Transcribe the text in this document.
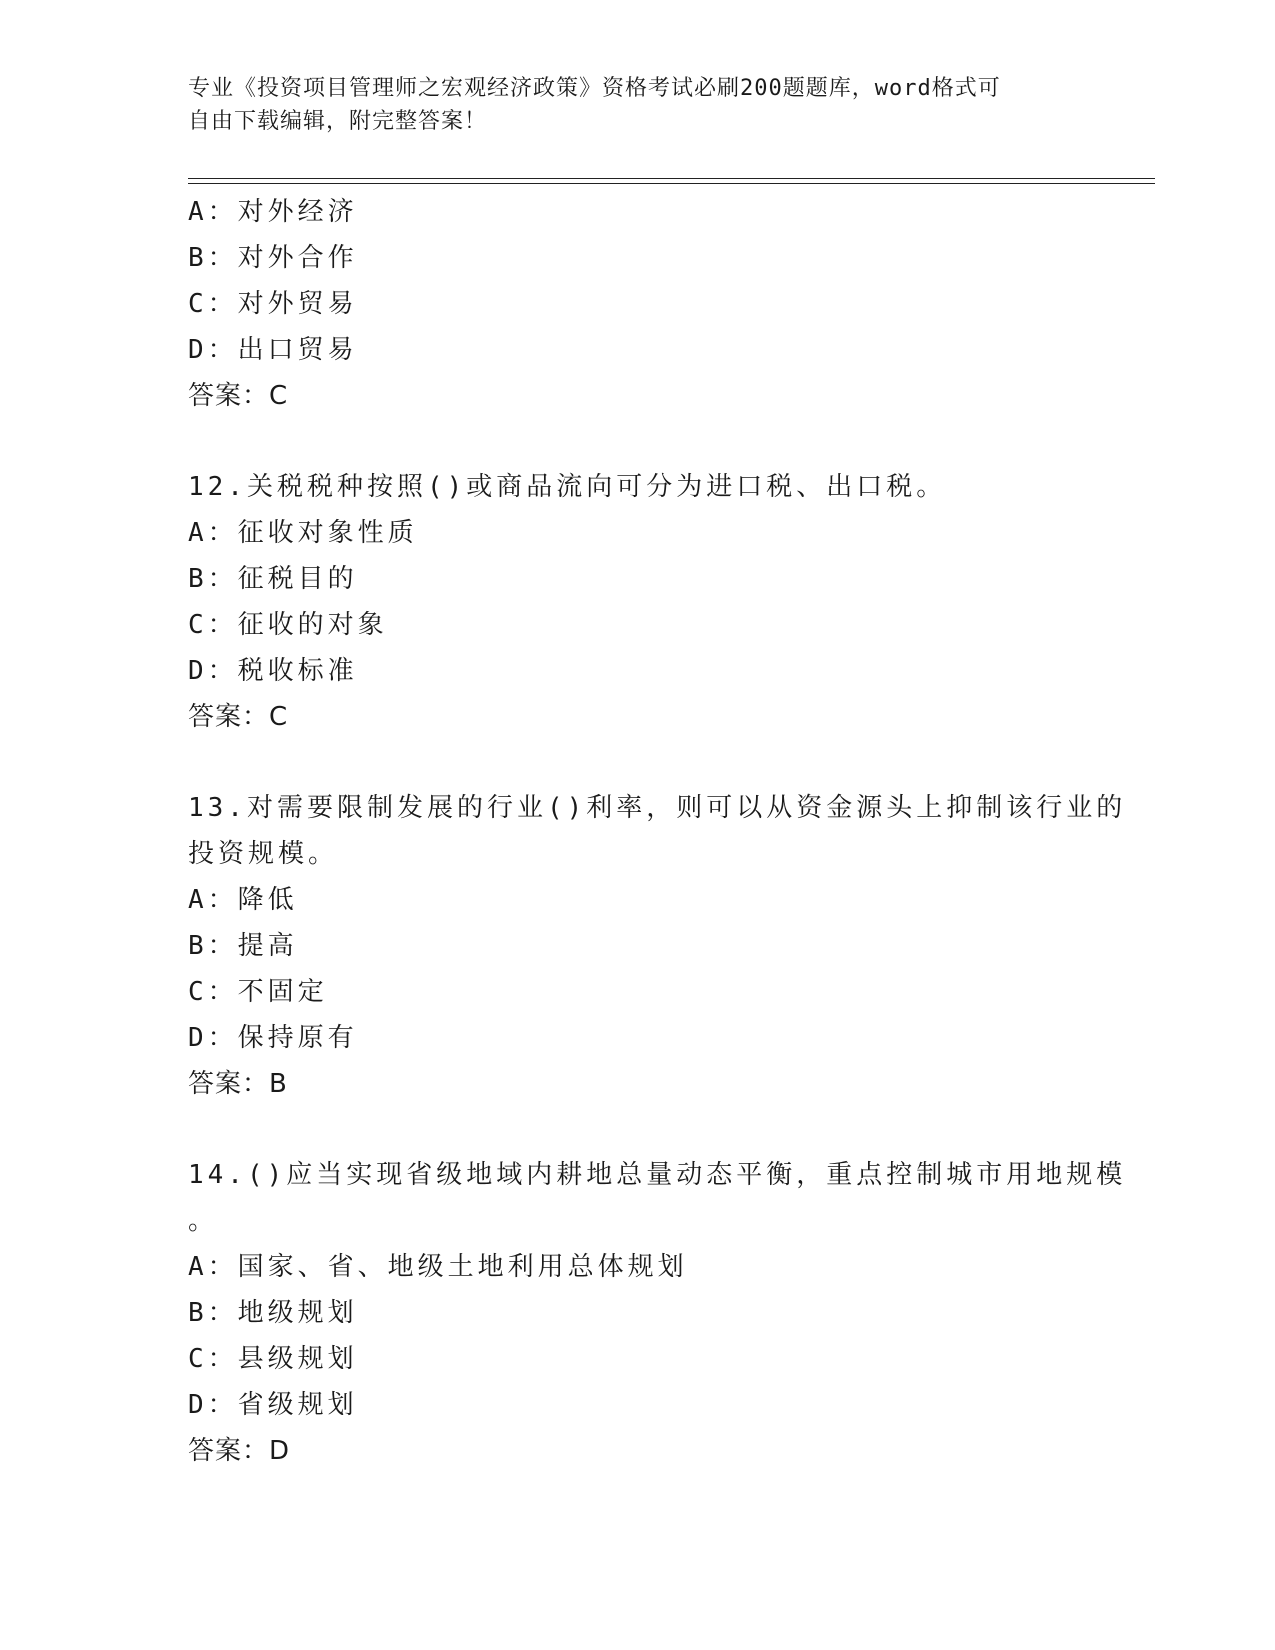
专业《投资项目管理师之宏观经济政策》资格考试必刷200题题库，word格式可
自由下载编辑，附完整答案！
A：对外经济
B：对外合作
C：对外贸易
D：出口贸易
答案：C
12.关税税种按照()或商品流向可分为进口税、出口税。
A：征收对象性质
B：征税目的
C：征收的对象
D：税收标准
答案：C
13.对需要限制发展的行业()利率，则可以从资金源头上抑制该行业的
投资规模。
A：降低
B：提高
C：不固定
D：保持原有
答案：B
14.()应当实现省级地域内耕地总量动态平衡，重点控制城市用地规模
。
A：国家、省、地级土地利用总体规划
B：地级规划
C：县级规划
D：省级规划
答案：D
